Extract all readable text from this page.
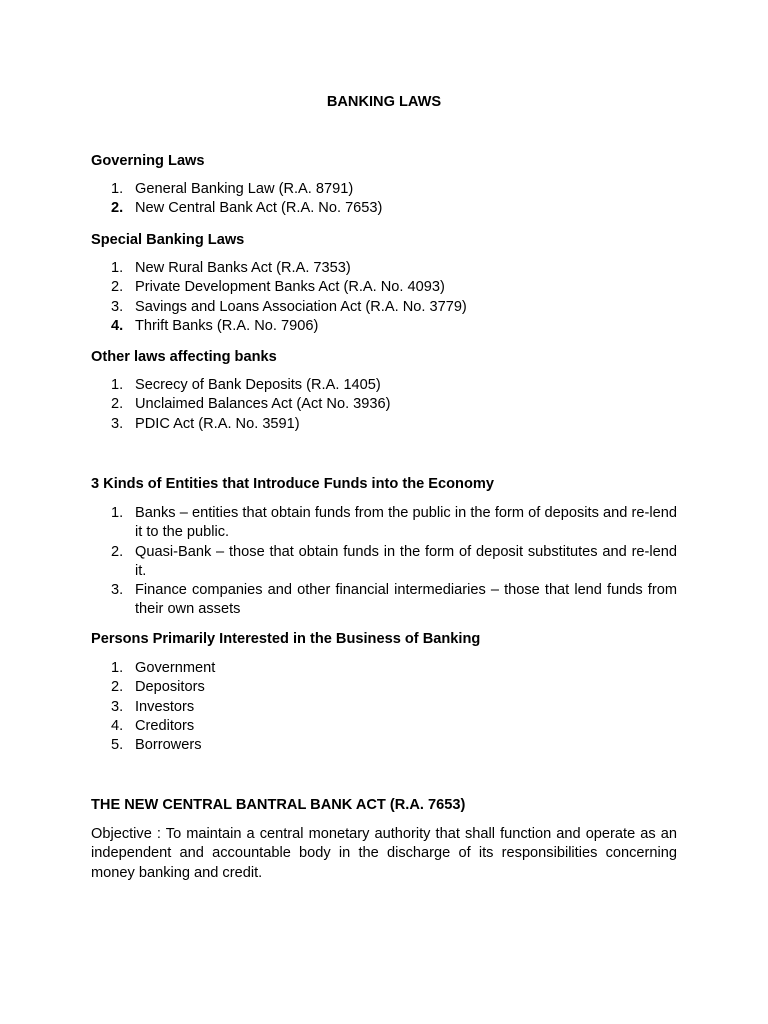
BANKING LAWS
Governing Laws
1. General Banking Law (R.A. 8791)
2. New Central Bank Act (R.A. No. 7653)
Special Banking Laws
1. New Rural Banks Act (R.A. 7353)
2. Private Development Banks Act (R.A. No. 4093)
3. Savings and Loans Association Act (R.A. No. 3779)
4. Thrift Banks (R.A. No. 7906)
Other laws affecting banks
1. Secrecy of Bank Deposits (R.A. 1405)
2. Unclaimed Balances Act (Act No. 3936)
3. PDIC Act (R.A. No. 3591)
3 Kinds of Entities that Introduce Funds into the Economy
1. Banks – entities that obtain funds from the public in the form of deposits and re-lend it to the public.
2. Quasi-Bank – those that obtain funds in the form of deposit substitutes and re-lend it.
3. Finance companies and other financial intermediaries – those that lend funds from their own assets
Persons Primarily Interested in the Business of Banking
1. Government
2. Depositors
3. Investors
4. Creditors
5. Borrowers
THE NEW CENTRAL BANTRAL BANK ACT (R.A. 7653)

Objective : To maintain a central monetary authority that shall function and operate as an independent and accountable body in the discharge of its responsibilities concerning money banking and credit.
